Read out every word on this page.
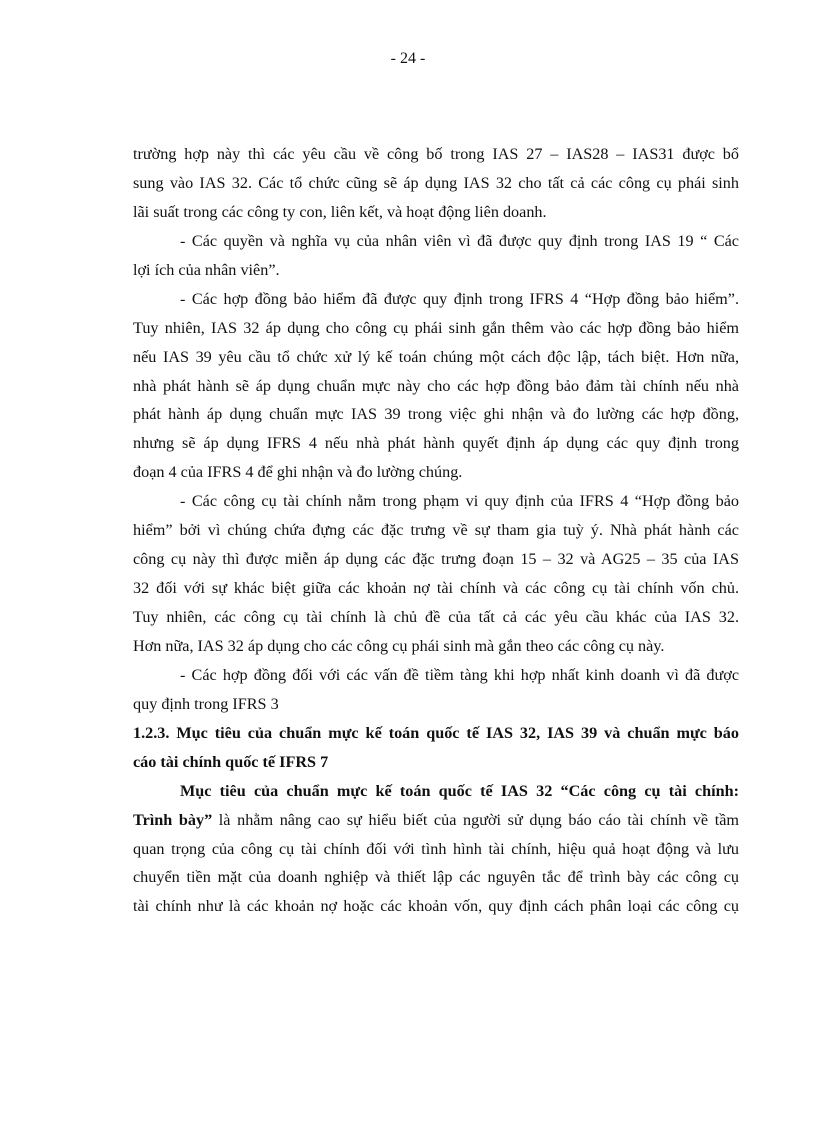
- 24 -
trường hợp này thì các yêu cầu về công bố trong IAS 27 – IAS28 – IAS31 được bổ
sung vào IAS 32. Các tổ chức cũng sẽ áp dụng IAS 32 cho tất cả các công cụ phái sinh
lãi suất trong các công ty con, liên kết, và hoạt động liên doanh.
- Các quyền và nghĩa vụ của nhân viên vì đã được quy định trong IAS 19 “ Các
lợi ích của nhân viên”.
- Các hợp đồng bảo hiểm đã được quy định trong IFRS 4 “Hợp đồng bảo hiểm”.
Tuy nhiên, IAS 32 áp dụng cho công cụ phái sinh gắn thêm vào các hợp đồng bảo hiểm
nếu IAS 39 yêu cầu tổ chức xử lý kế toán chúng một cách độc lập, tách biệt. Hơn nữa,
nhà phát hành sẽ áp dụng chuẩn mực này cho các hợp đồng bảo đảm tài chính nếu nhà
phát hành áp dụng chuẩn mực IAS 39 trong việc ghi nhận và đo lường các hợp đồng,
nhưng sẽ áp dụng IFRS 4 nếu nhà phát hành quyết định áp dụng các quy định trong
đoạn 4 của IFRS 4 để ghi nhận và đo lường chúng.
- Các công cụ tài chính nằm trong phạm vi quy định của IFRS 4 “Hợp đồng bảo
hiểm” bởi vì chúng chứa đựng các đặc trưng về sự tham gia tuỳ ý. Nhà phát hành các
công cụ này thì được miễn áp dụng các đặc trưng đoạn 15 – 32 và AG25 – 35 của IAS
32 đối với sự khác biệt giữa các khoản nợ tài chính và các công cụ tài chính vốn chủ.
Tuy nhiên, các công cụ tài chính là chủ đề của tất cả các yêu cầu khác của IAS 32.
Hơn nữa, IAS 32 áp dụng cho các công cụ phái sinh mà gắn theo các công cụ này.
- Các hợp đồng đối với các vấn đề tiềm tàng khi hợp nhất kinh doanh vì đã được
quy định trong IFRS 3
1.2.3. Mục tiêu của chuẩn mực kế toán quốc tế IAS 32, IAS 39 và chuẩn mực báo
cáo tài chính quốc tế IFRS 7
Mục tiêu của chuẩn mực kế toán quốc tế IAS 32 “Các công cụ tài chính:
Trình bày” là nhằm nâng cao sự hiểu biết của người sử dụng báo cáo tài chính về tầm
quan trọng của công cụ tài chính đối với tình hình tài chính, hiệu quả hoạt động và lưu
chuyển tiền mặt của doanh nghiệp và thiết lập các nguyên tắc để trình bày các công cụ
tài chính như là các khoản nợ hoặc các khoản vốn, quy định cách phân loại các công cụ
